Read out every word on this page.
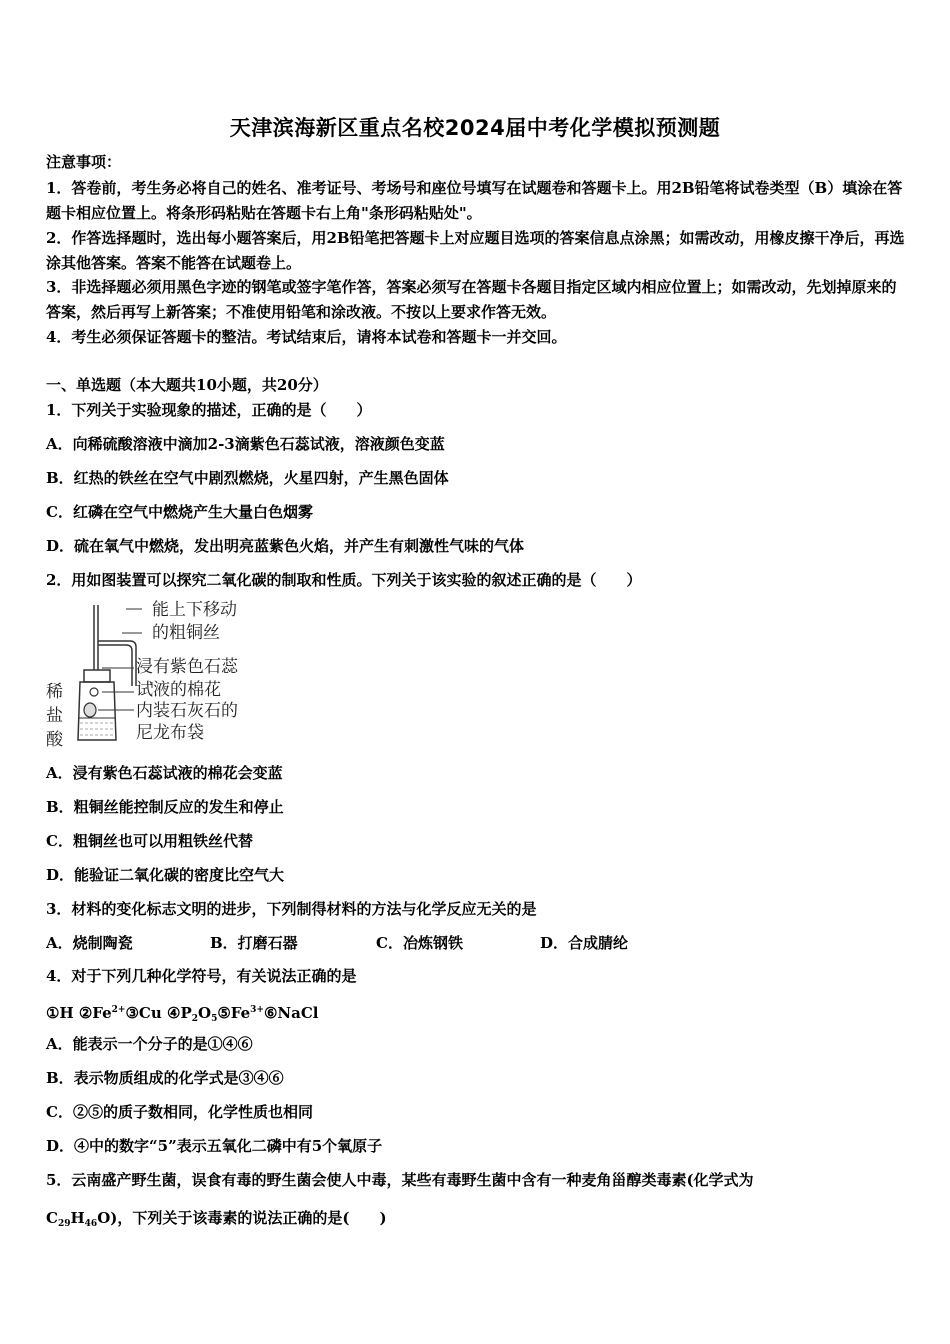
天津滨海新区重点名校2024届中考化学模拟预测题
注意事项：
1．答卷前，考生务必将自己的姓名、准考证号、考场号和座位号填写在试题卷和答题卡上。用2B铅笔将试卷类型（B）填涂在答题卡相应位置上。将条形码粘贴在答题卡右上角"条形码粘贴处"。
2．作答选择题时，选出每小题答案后，用2B铅笔把答题卡上对应题目选项的答案信息点涂黑；如需改动，用橡皮擦干净后，再选涂其他答案。答案不能答在试题卷上。
3．非选择题必须用黑色字迹的钢笔或签字笔作答，答案必须写在答题卡各题目指定区域内相应位置上；如需改动，先划掉原来的答案，然后再写上新答案；不准使用铅笔和涂改液。不按以上要求作答无效。
4．考生必须保证答题卡的整洁。考试结束后，请将本试卷和答题卡一并交回。
一、单选题（本大题共10小题，共20分）
1．下列关于实验现象的描述，正确的是（　　）
A．向稀硫酸溶液中滴加2-3滴紫色石蕊试液，溶液颜色变蓝
B．红热的铁丝在空气中剧烈燃烧，火星四射，产生黑色固体
C．红磷在空气中燃烧产生大量白色烟雾
D．硫在氧气中燃烧，发出明亮蓝紫色火焰，并产生有刺激性气味的气体
2．用如图装置可以探究二氧化碳的制取和性质。下列关于该实验的叙述正确的是（　　）
能上下移动
的粗铜丝
浸有紫色石蕊
试液的棉花
内装石灰石的
尼龙布袋
稀
盐
酸
A．浸有紫色石蕊试液的棉花会变蓝
B．粗铜丝能控制反应的发生和停止
C．粗铜丝也可以用粗铁丝代替
D．能验证二氧化碳的密度比空气大
3．材料的变化标志文明的进步，下列制得材料的方法与化学反应无关的是
A．烧制陶瓷	B．打磨石器	C．冶炼钢铁	D．合成腈纶
4．对于下列几种化学符号，有关说法正确的是
①H $②Fe^{2+}③Cu$ $④P_2O_5⑤Fe^{3+}⑥NaCl$
A．能表示一个分子的是①④⑥
B．表示物质组成的化学式是③④⑥
C．②⑤的质子数相同，化学性质也相同
D．④中的数字“5”表示五氧化二磷中有5个氧原子
5．云南盛产野生菌，误食有毒的野生菌会使人中毒，某些有毒野生菌中含有一种麦角甾醇类毒素(化学式为
$C_{29}H_{46}O$)，下列关于该毒素的说法正确的是(　　)
